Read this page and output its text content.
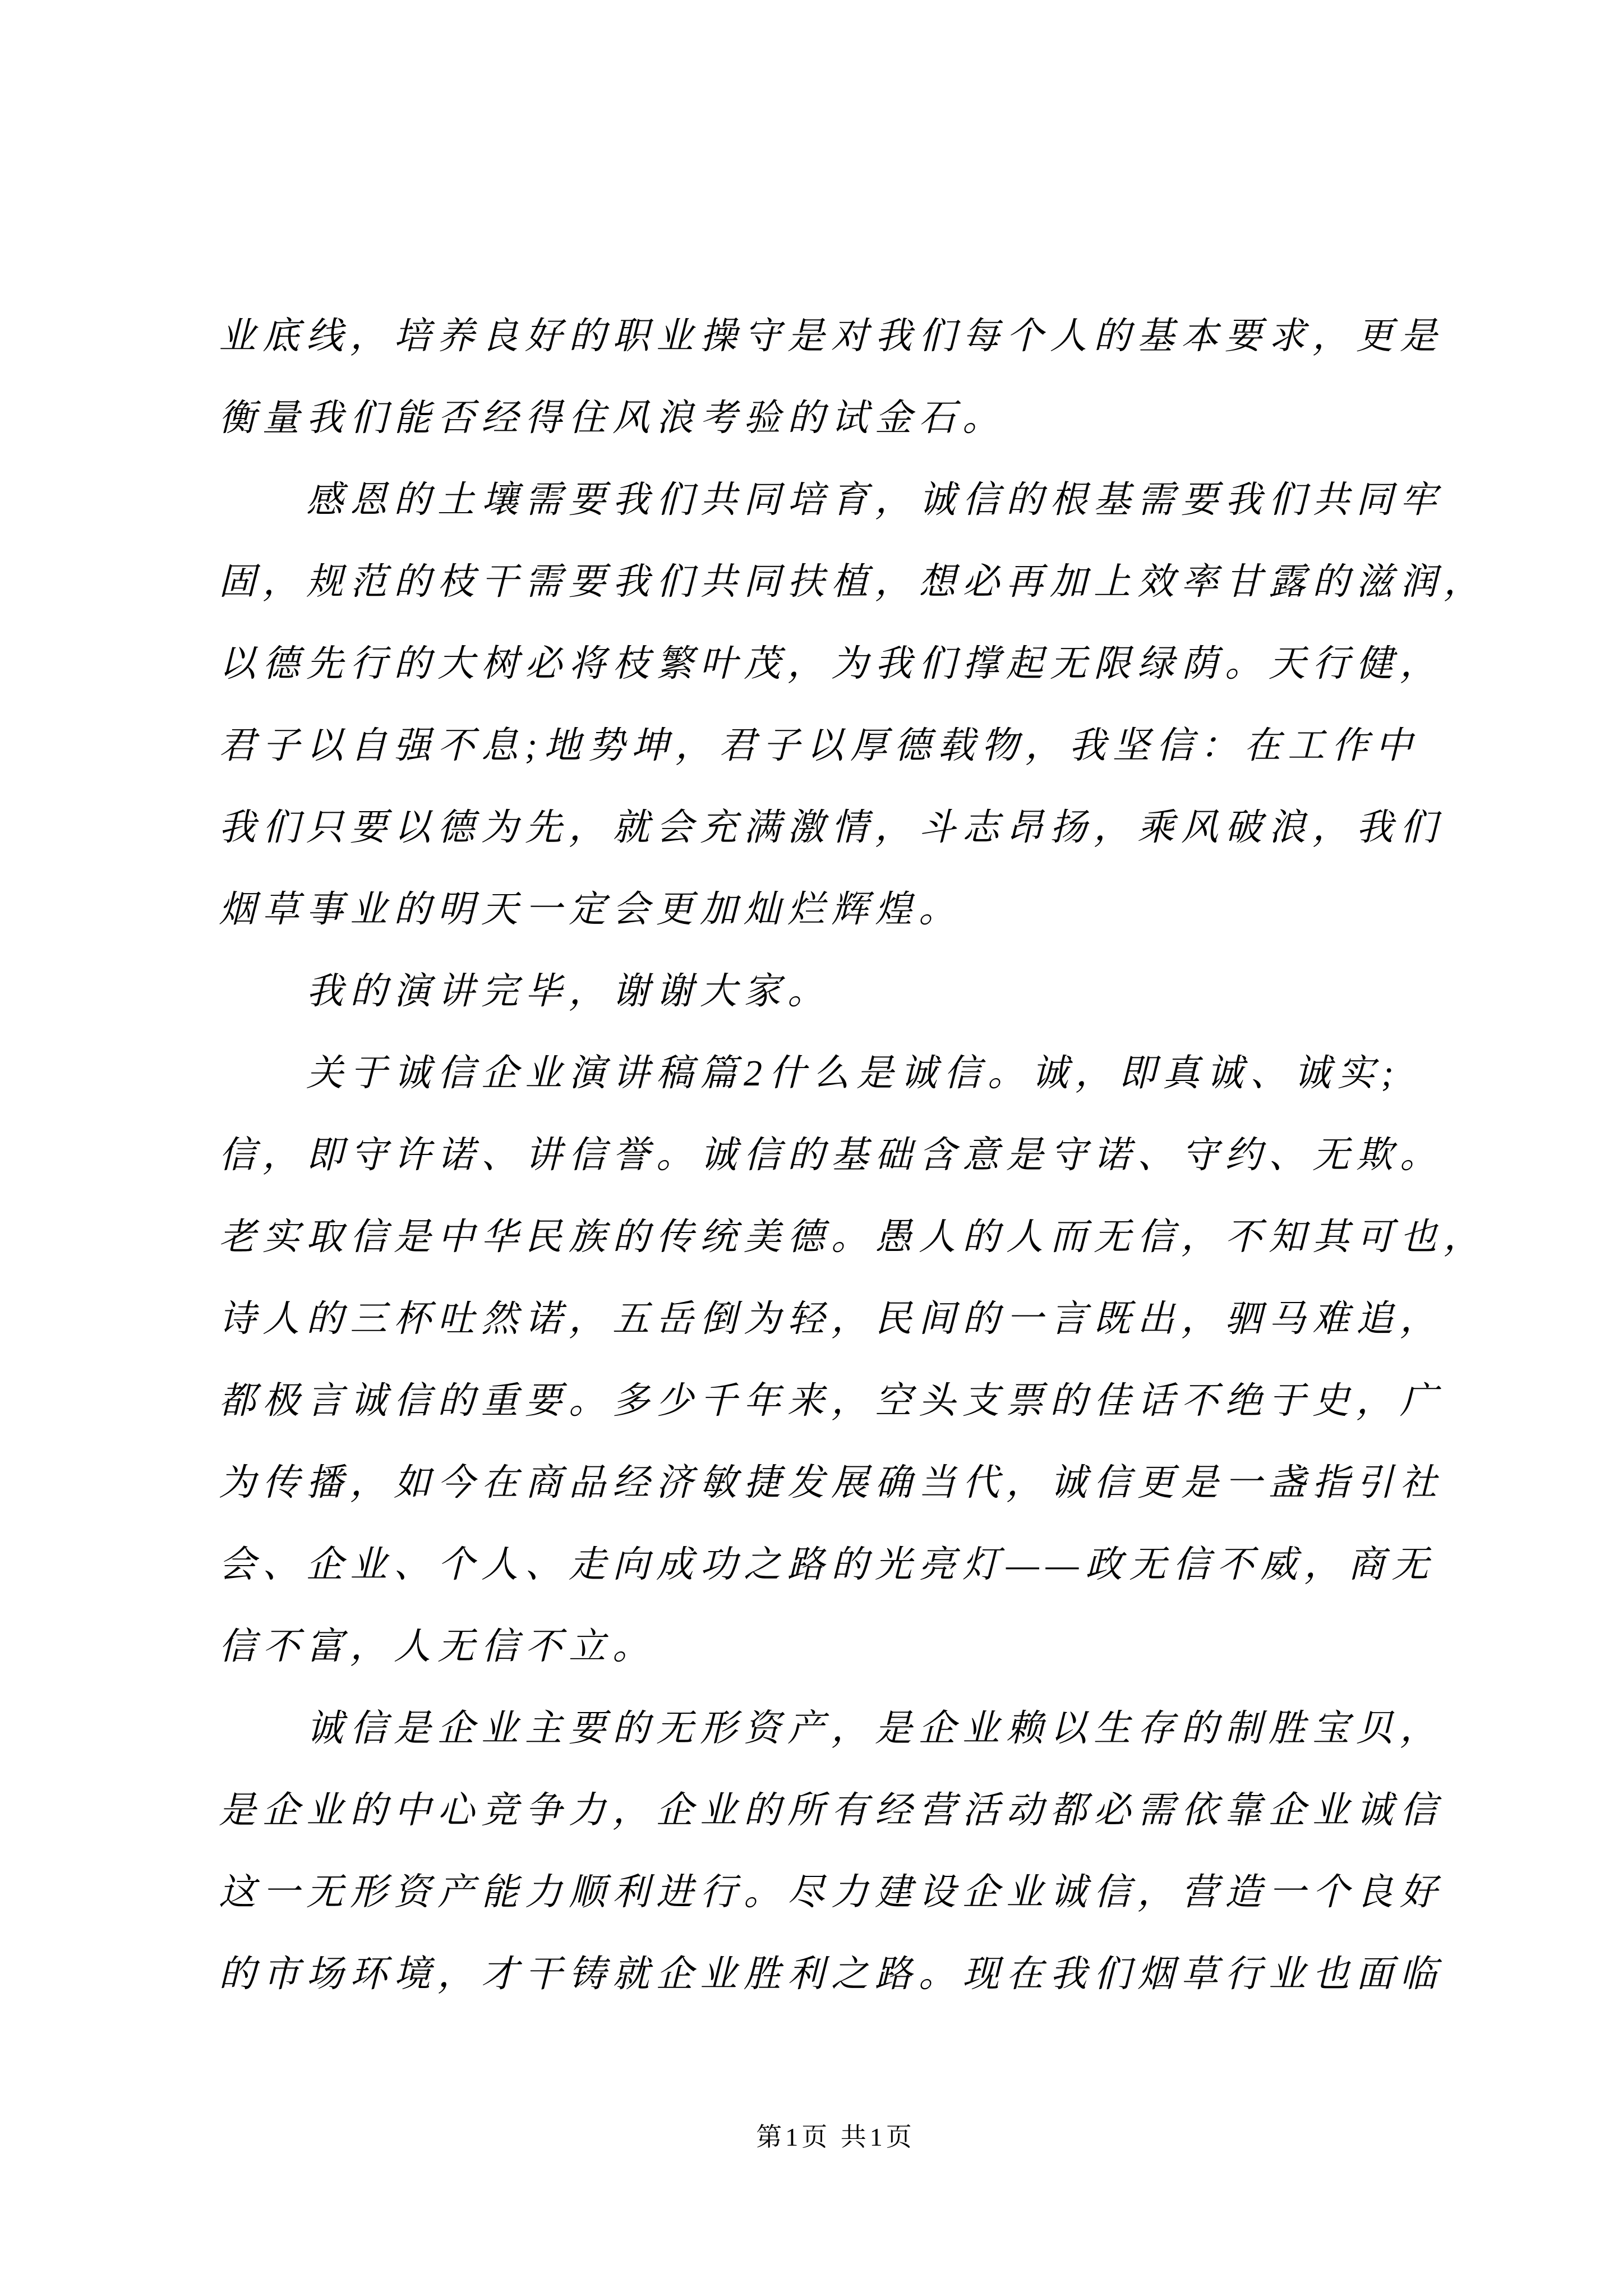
业底线，培养良好的职业操守是对我们每个人的基本要求，更是
衡量我们能否经得住风浪考验的试金石。
感恩的土壤需要我们共同培育，诚信的根基需要我们共同牢
固，规范的枝干需要我们共同扶植，想必再加上效率甘露的滋润，
以德先行的大树必将枝繁叶茂，为我们撑起无限绿荫。天行健，
君子以自强不息;地势坤，君子以厚德载物，我坚信：在工作中
我们只要以德为先，就会充满激情，斗志昂扬，乘风破浪，我们
烟草事业的明天一定会更加灿烂辉煌。
我的演讲完毕，谢谢大家。
关于诚信企业演讲稿篇2什么是诚信。诚，即真诚、诚实;
信，即守许诺、讲信誉。诚信的基础含意是守诺、守约、无欺。
老实取信是中华民族的传统美德。愚人的人而无信，不知其可也，
诗人的三杯吐然诺，五岳倒为轻，民间的一言既出，驷马难追，
都极言诚信的重要。多少千年来，空头支票的佳话不绝于史，广
为传播，如今在商品经济敏捷发展确当代，诚信更是一盏指引社
会、企业、个人、走向成功之路的光亮灯——政无信不威，商无
信不富，人无信不立。
诚信是企业主要的无形资产，是企业赖以生存的制胜宝贝，
是企业的中心竞争力，企业的所有经营活动都必需依靠企业诚信
这一无形资产能力顺利进行。尽力建设企业诚信，营造一个良好
的市场环境，才干铸就企业胜利之路。现在我们烟草行业也面临
第1页 共1页
